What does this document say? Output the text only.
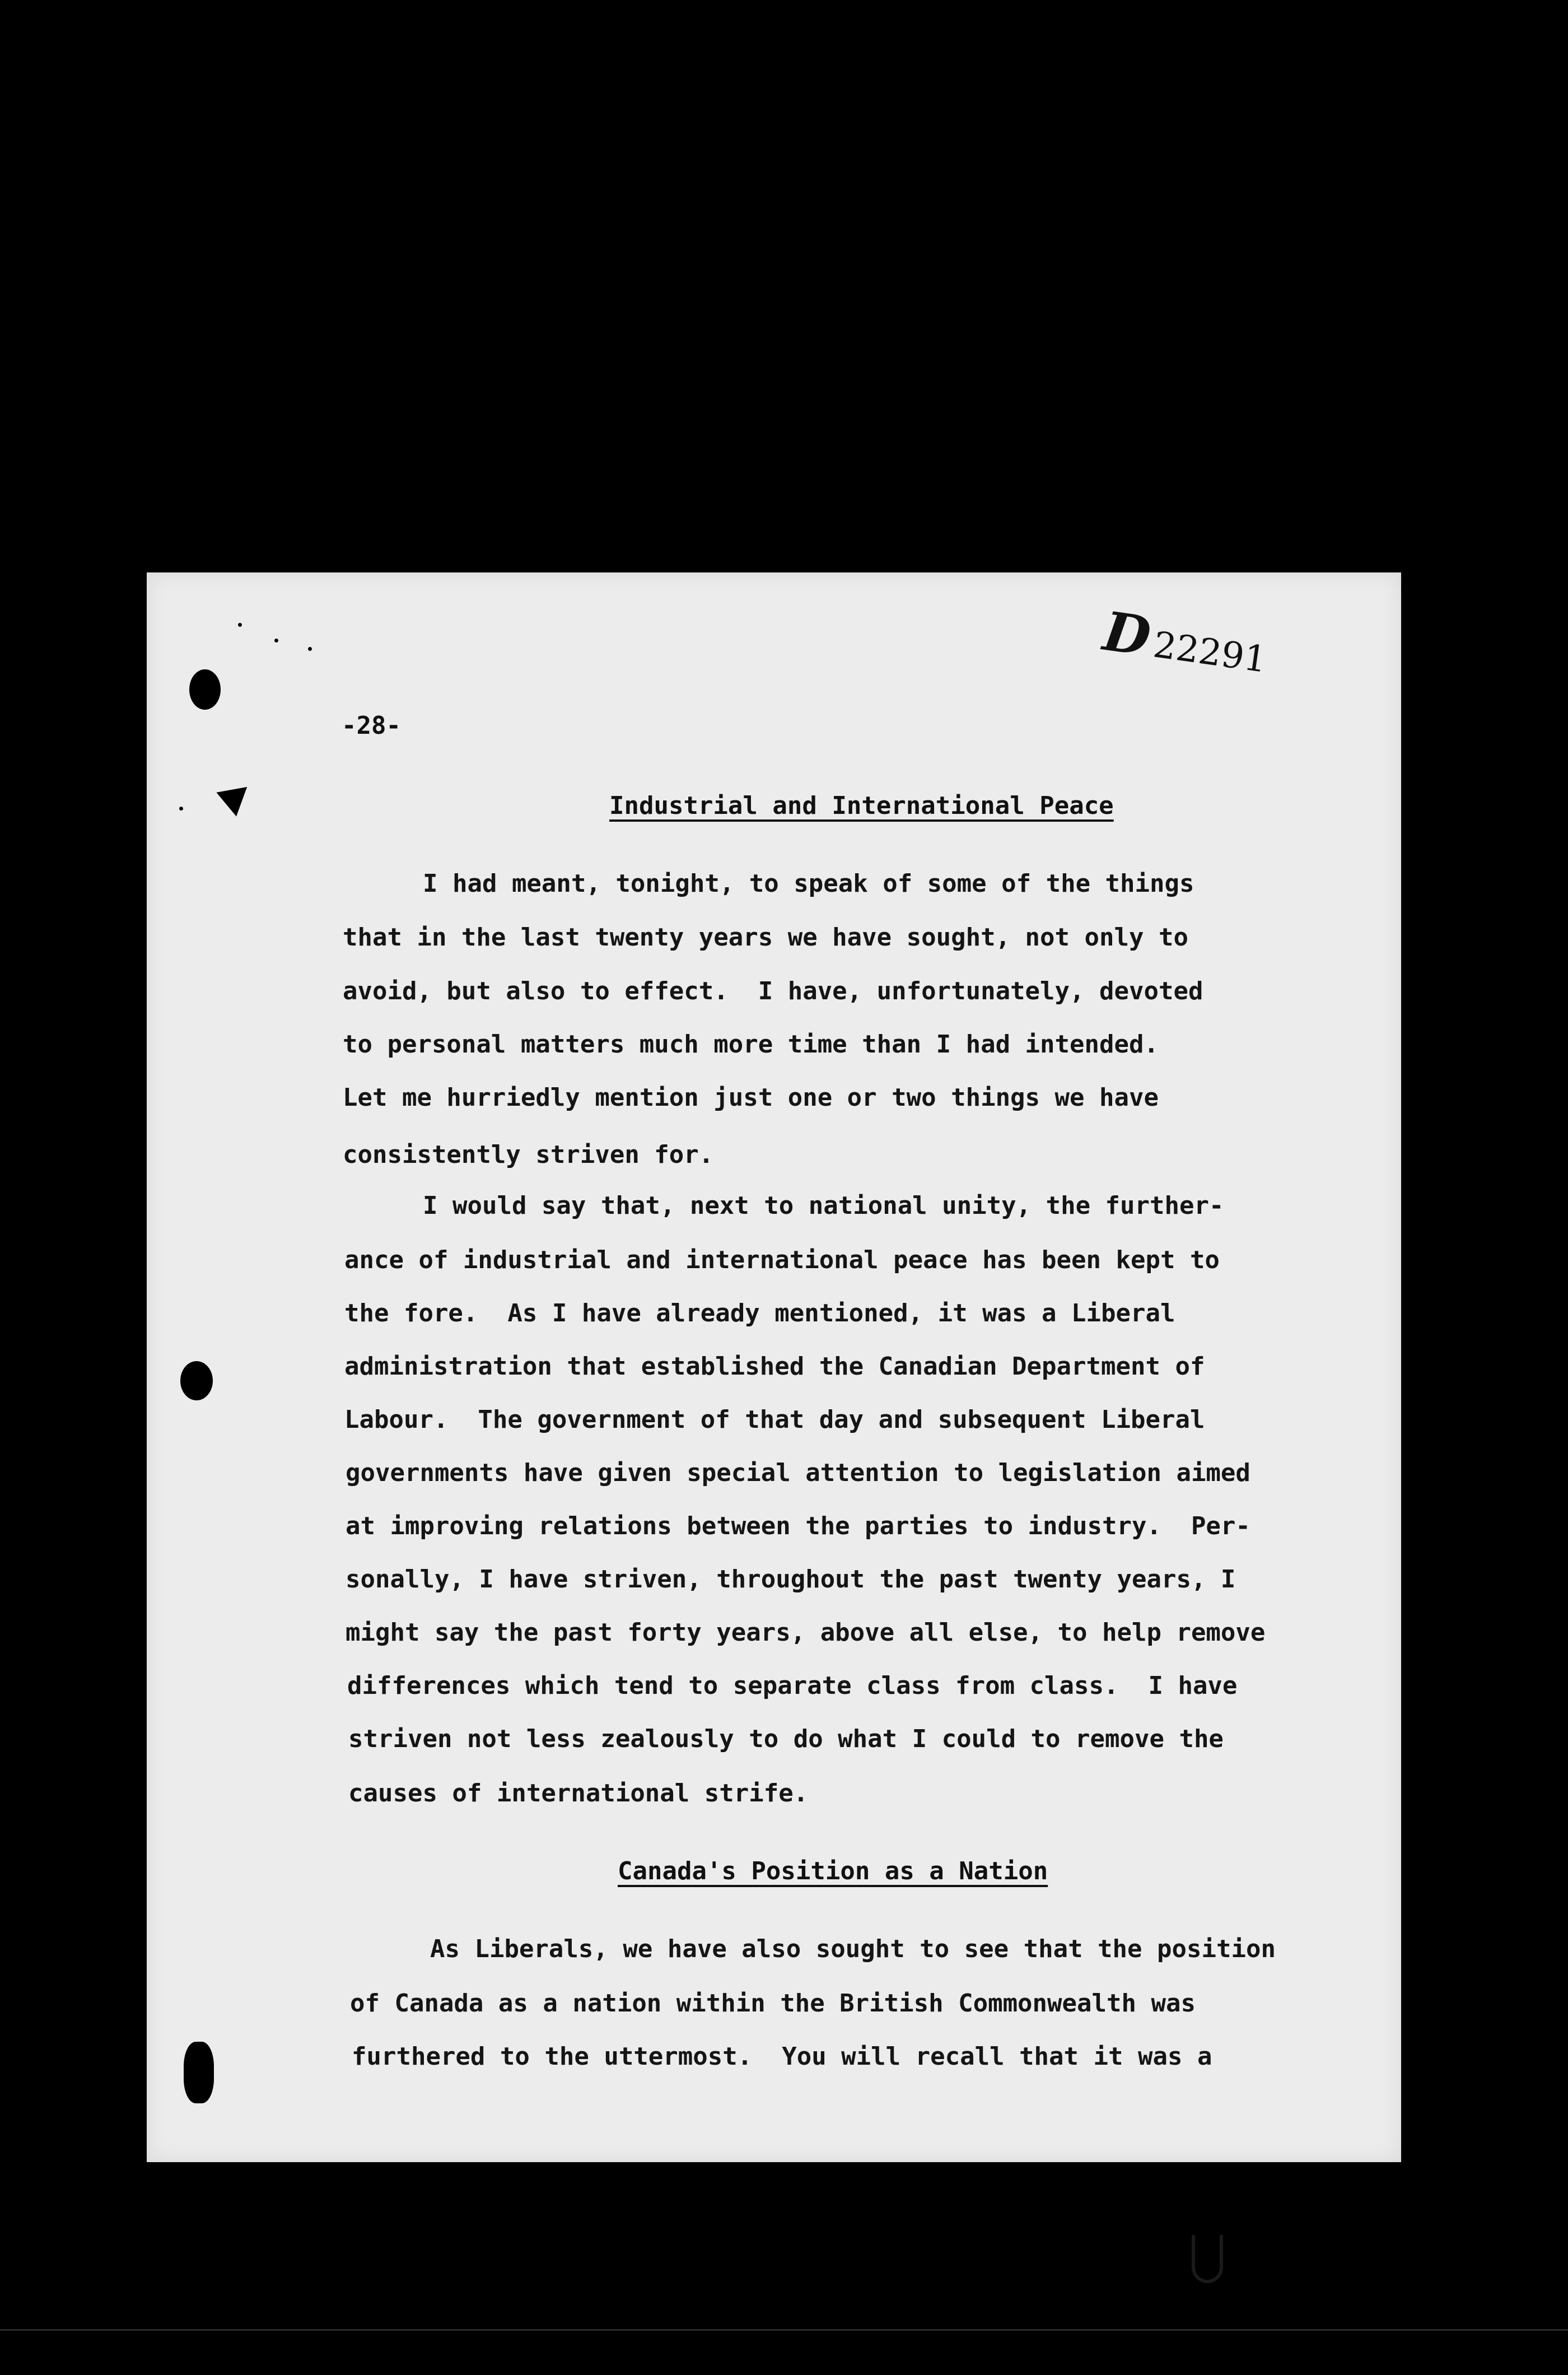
D22291
-28-
Industrial and International Peace
I had meant, tonight, to speak of some of the things
that in the last twenty years we have sought, not only to
avoid, but also to effect.  I have, unfortunately, devoted
to personal matters much more time than I had intended.
Let me hurriedly mention just one or two things we have
consistently striven for.
I would say that, next to national unity, the further-
ance of industrial and international peace has been kept to
the fore.  As I have already mentioned, it was a Liberal
administration that established the Canadian Department of
Labour.  The government of that day and subsequent Liberal
governments have given special attention to legislation aimed
at improving relations between the parties to industry.  Per-
sonally, I have striven, throughout the past twenty years, I
might say the past forty years, above all else, to help remove
differences which tend to separate class from class.  I have
striven not less zealously to do what I could to remove the
causes of international strife.
Canada's Position as a Nation
As Liberals, we have also sought to see that the position
of Canada as a nation within the British Commonwealth was
furthered to the uttermost.  You will recall that it was a
